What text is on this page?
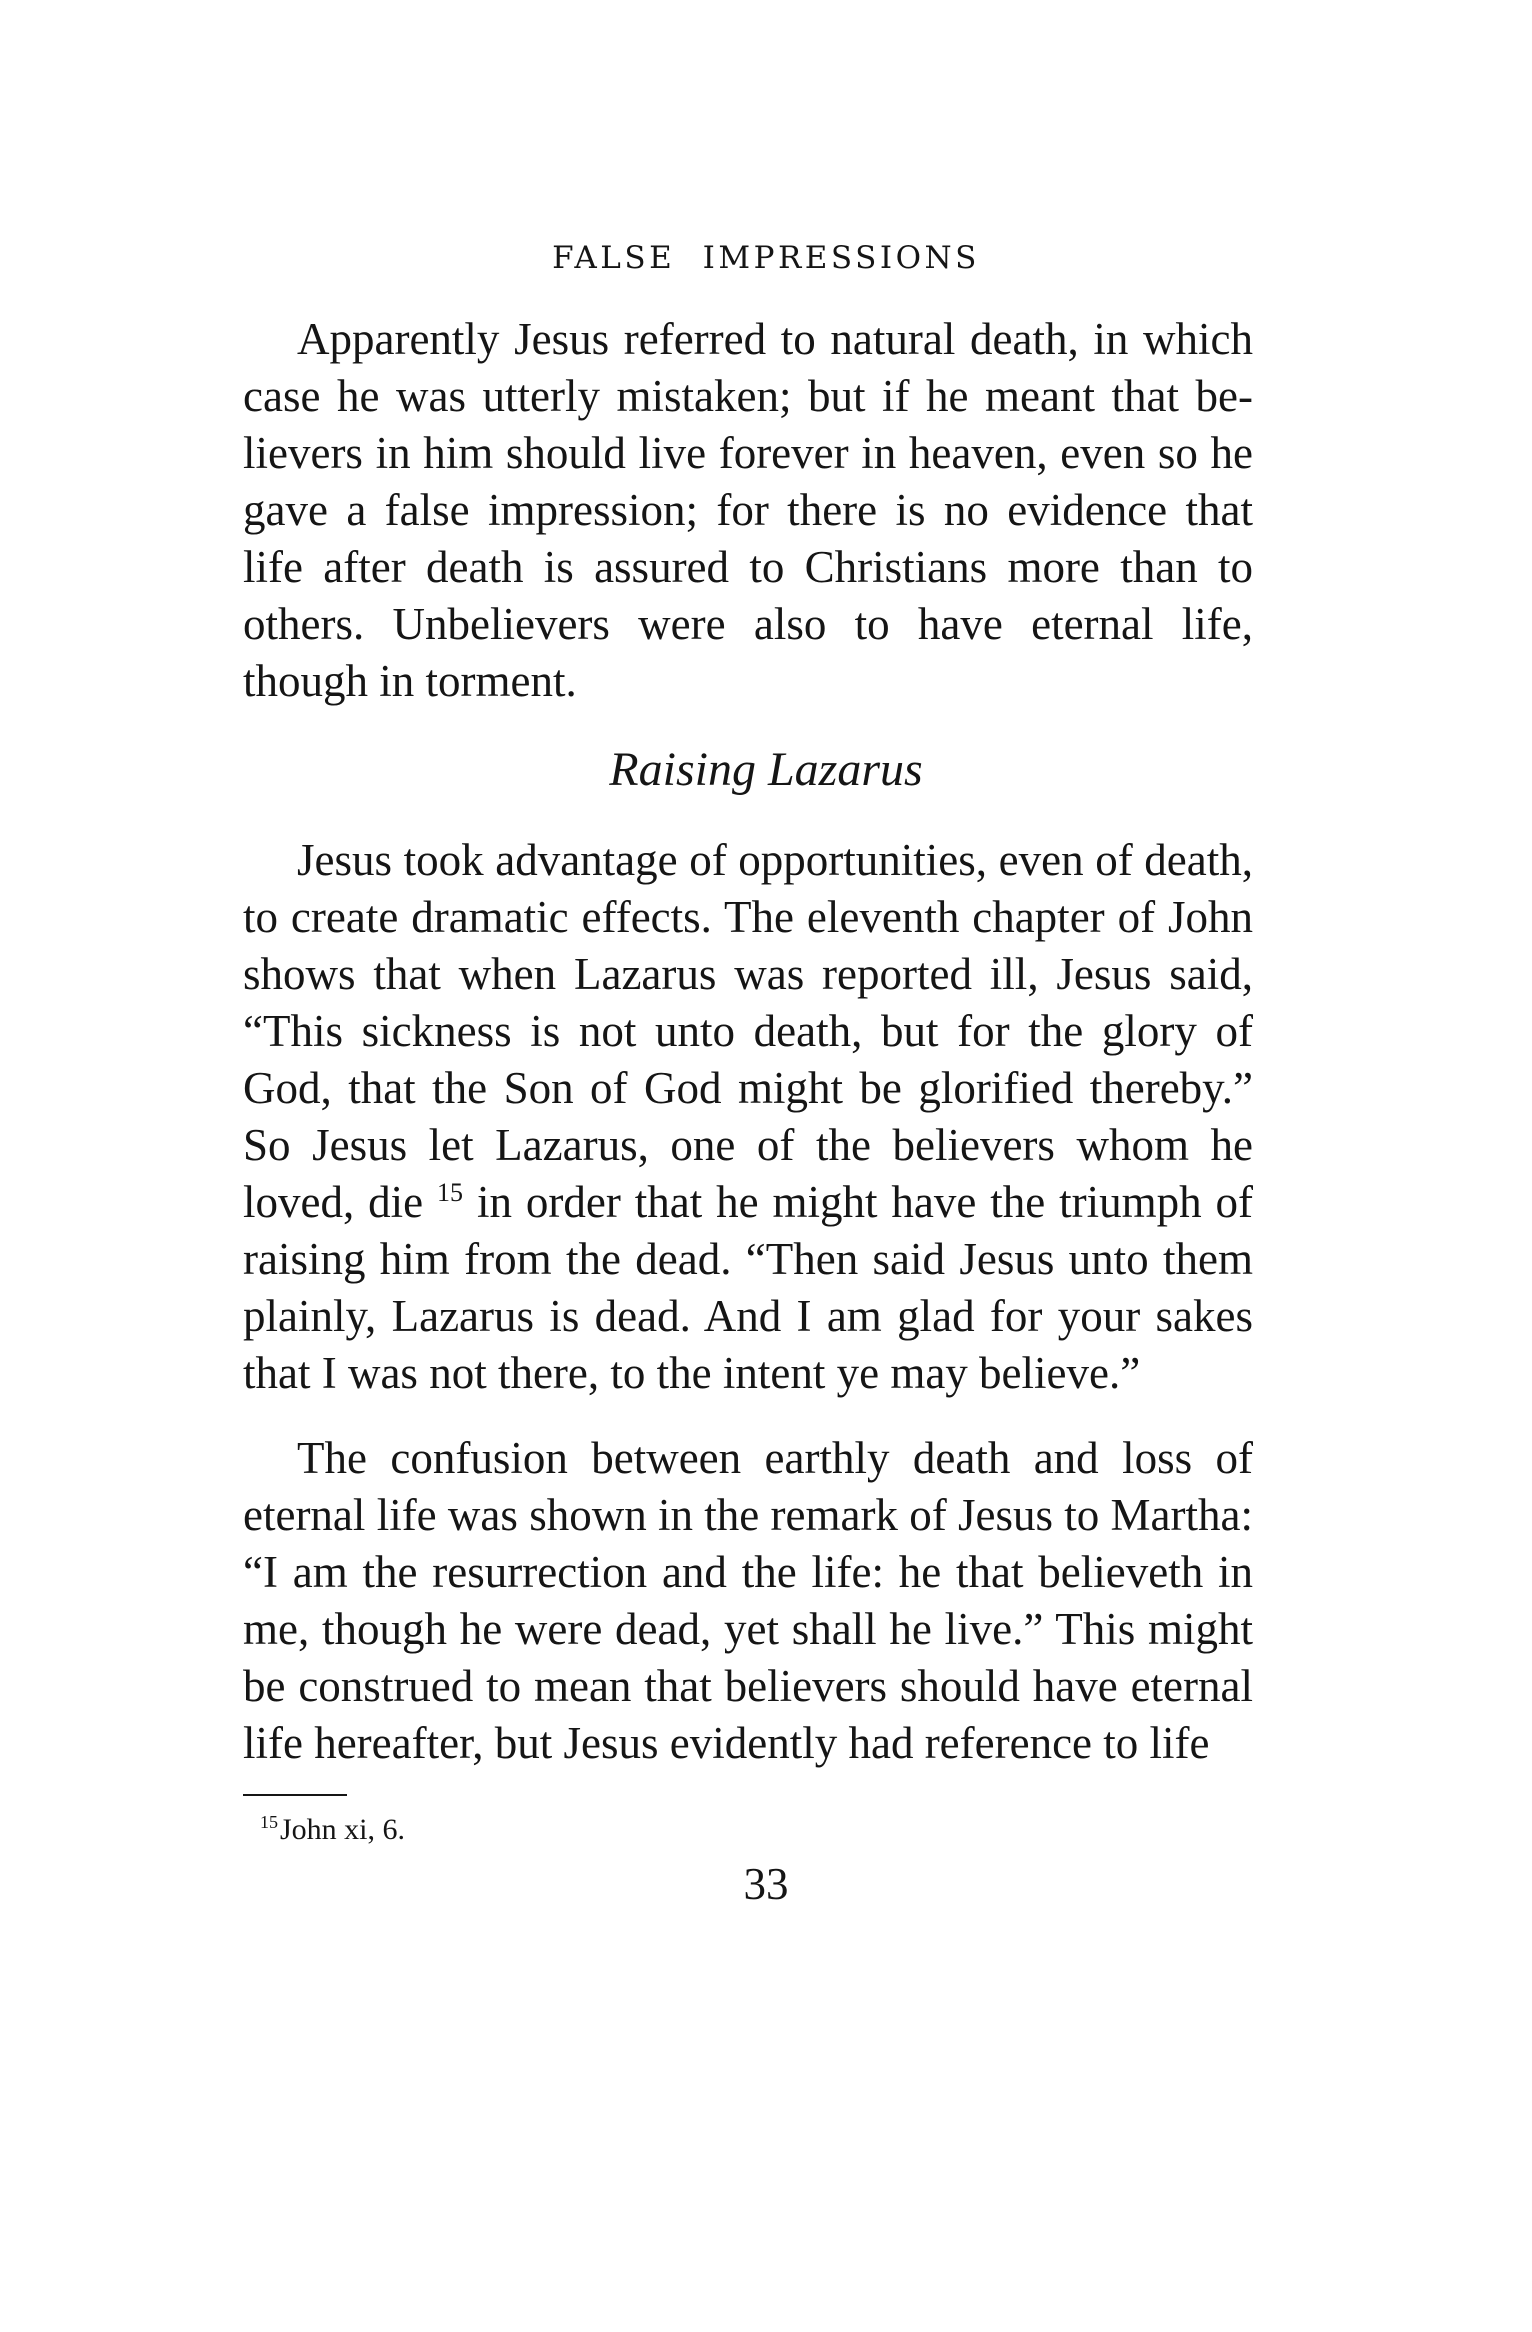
FALSE IMPRESSIONS

Apparently Jesus referred to natural death, in which case he was utterly mistaken; but if he meant that believers in him should live forever in heaven, even so he gave a false impression; for there is no evidence that life after death is assured to Christians more than to others. Unbelievers were also to have eternal life, though in torment.

Raising Lazarus

Jesus took advantage of opportunities, even of death, to create dramatic effects. The eleventh chapter of John shows that when Lazarus was reported ill, Jesus said, “This sickness is not unto death, but for the glory of God, that the Son of God might be glorified thereby.” So Jesus let Lazarus, one of the believers whom he loved, die $^{15}$ in order that he might have the triumph of raising him from the dead. “Then said Jesus unto them plainly, Lazarus is dead. And I am glad for your sakes that I was not there, to the intent ye may believe.”

The confusion between earthly death and loss of eternal life was shown in the remark of Jesus to Martha: “I am the resurrection and the life: he that believeth in me, though he were dead, yet shall he live.” This might be construed to mean that believers should have eternal life hereafter, but Jesus evidently had reference to life

$^{15}$John xi, 6.
33
